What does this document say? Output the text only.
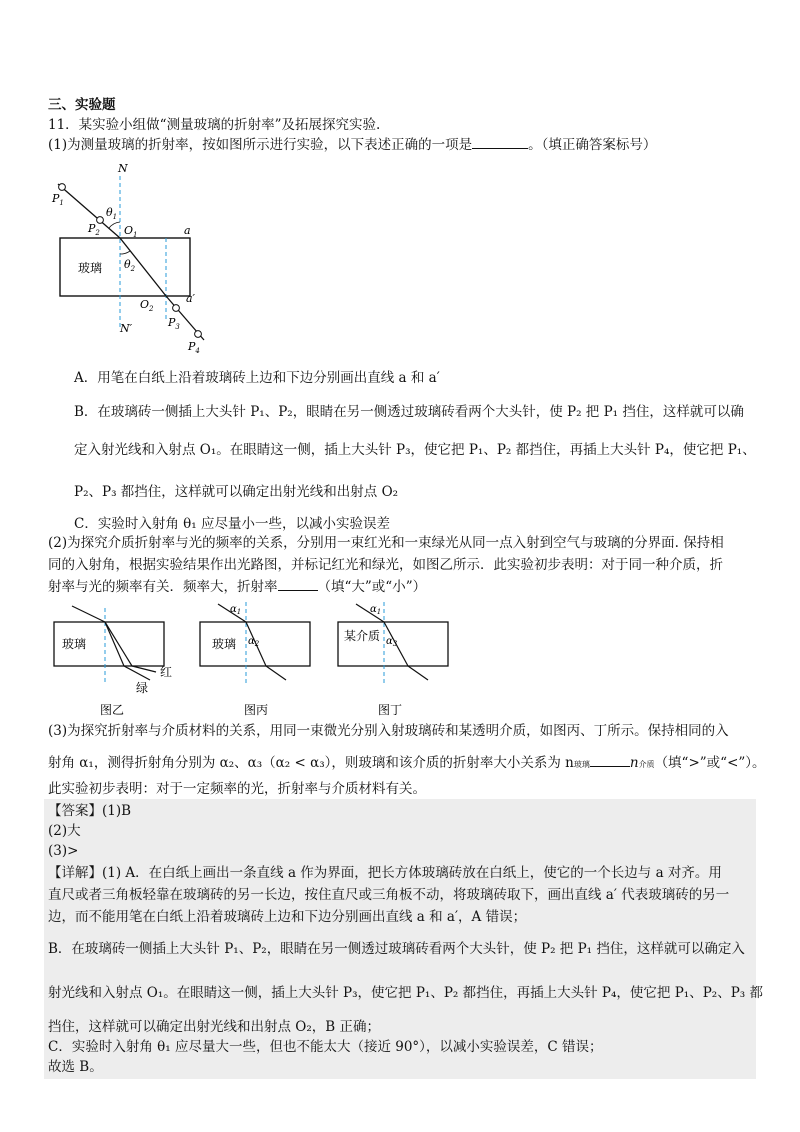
三、实验题
11．某实验小组做“测量玻璃的折射率”及拓展探究实验.
(1)为测量玻璃的折射率，按如图所示进行实验，以下表述正确的一项是	。（填正确答案标号）
N
N′
a
a′
玻璃
$P_1$
$P_2$
$P_3$
$P_4$
$O_1$
$O_2$
$\theta_1$
$\theta_2$
A．用笔在白纸上沿着玻璃砖上边和下边分别画出直线 a 和 a′
B．在玻璃砖一侧插上大头针 P₁、P₂，眼睛在另一侧透过玻璃砖看两个大头针，使 P₂ 把 P₁ 挡住，这样就可以确
定入射光线和入射点 O₁。在眼睛这一侧，插上大头针 P₃，使它把 P₁、P₂ 都挡住，再插上大头针 P₄，使它把 P₁、
P₂、P₃ 都挡住，这样就可以确定出射光线和出射点 O₂
C．实验时入射角 θ₁ 应尽量小一些，以减小实验误差
(2)为探究介质折射率与光的频率的关系，分别用一束红光和一束绿光从同一点入射到空气与玻璃的分界面. 保持相
同的入射角，根据实验结果作出光路图，并标记红光和绿光，如图乙所示．此实验初步表明：对于同一种介质，折
射率与光的频率有关．频率大，折射率	（填“大”或“小”）
玻璃
红
绿
图乙
玻璃
$\alpha_1$
$\alpha_2$
图丙
某介质
$\alpha_1$
$\alpha_3$
图丁
(3)为探究折射率与介质材料的关系，用同一束微光分别入射玻璃砖和某透明介质，如图丙、丁所示。保持相同的入
射角 α₁，测得折射角分别为 α₂、α₃（α₂ < α₃），则玻璃和该介质的折射率大小关系为 n玻璃	n介质（填“>”或“<”）。
此实验初步表明：对于一定频率的光，折射率与介质材料有关。
【答案】(1)B
(2)大
(3)>
【详解】(1) A．在白纸上画出一条直线 a 作为界面，把长方体玻璃砖放在白纸上，使它的一个长边与 a 对齐。用
直尺或者三角板轻靠在玻璃砖的另一长边，按住直尺或三角板不动，将玻璃砖取下，画出直线 a′ 代表玻璃砖的另一
边，而不能用笔在白纸上沿着玻璃砖上边和下边分别画出直线 a 和 a′，A 错误；
B．在玻璃砖一侧插上大头针 P₁、P₂，眼睛在另一侧透过玻璃砖看两个大头针，使 P₂ 把 P₁ 挡住，这样就可以确定入
射光线和入射点 O₁。在眼睛这一侧，插上大头针 P₃，使它把 P₁、P₂ 都挡住，再插上大头针 P₄，使它把 P₁、P₂、P₃ 都
挡住，这样就可以确定出射光线和出射点 O₂，B 正确；
C．实验时入射角 θ₁ 应尽量大一些，但也不能太大（接近 90°），以减小实验误差，C 错误；
故选 B。
